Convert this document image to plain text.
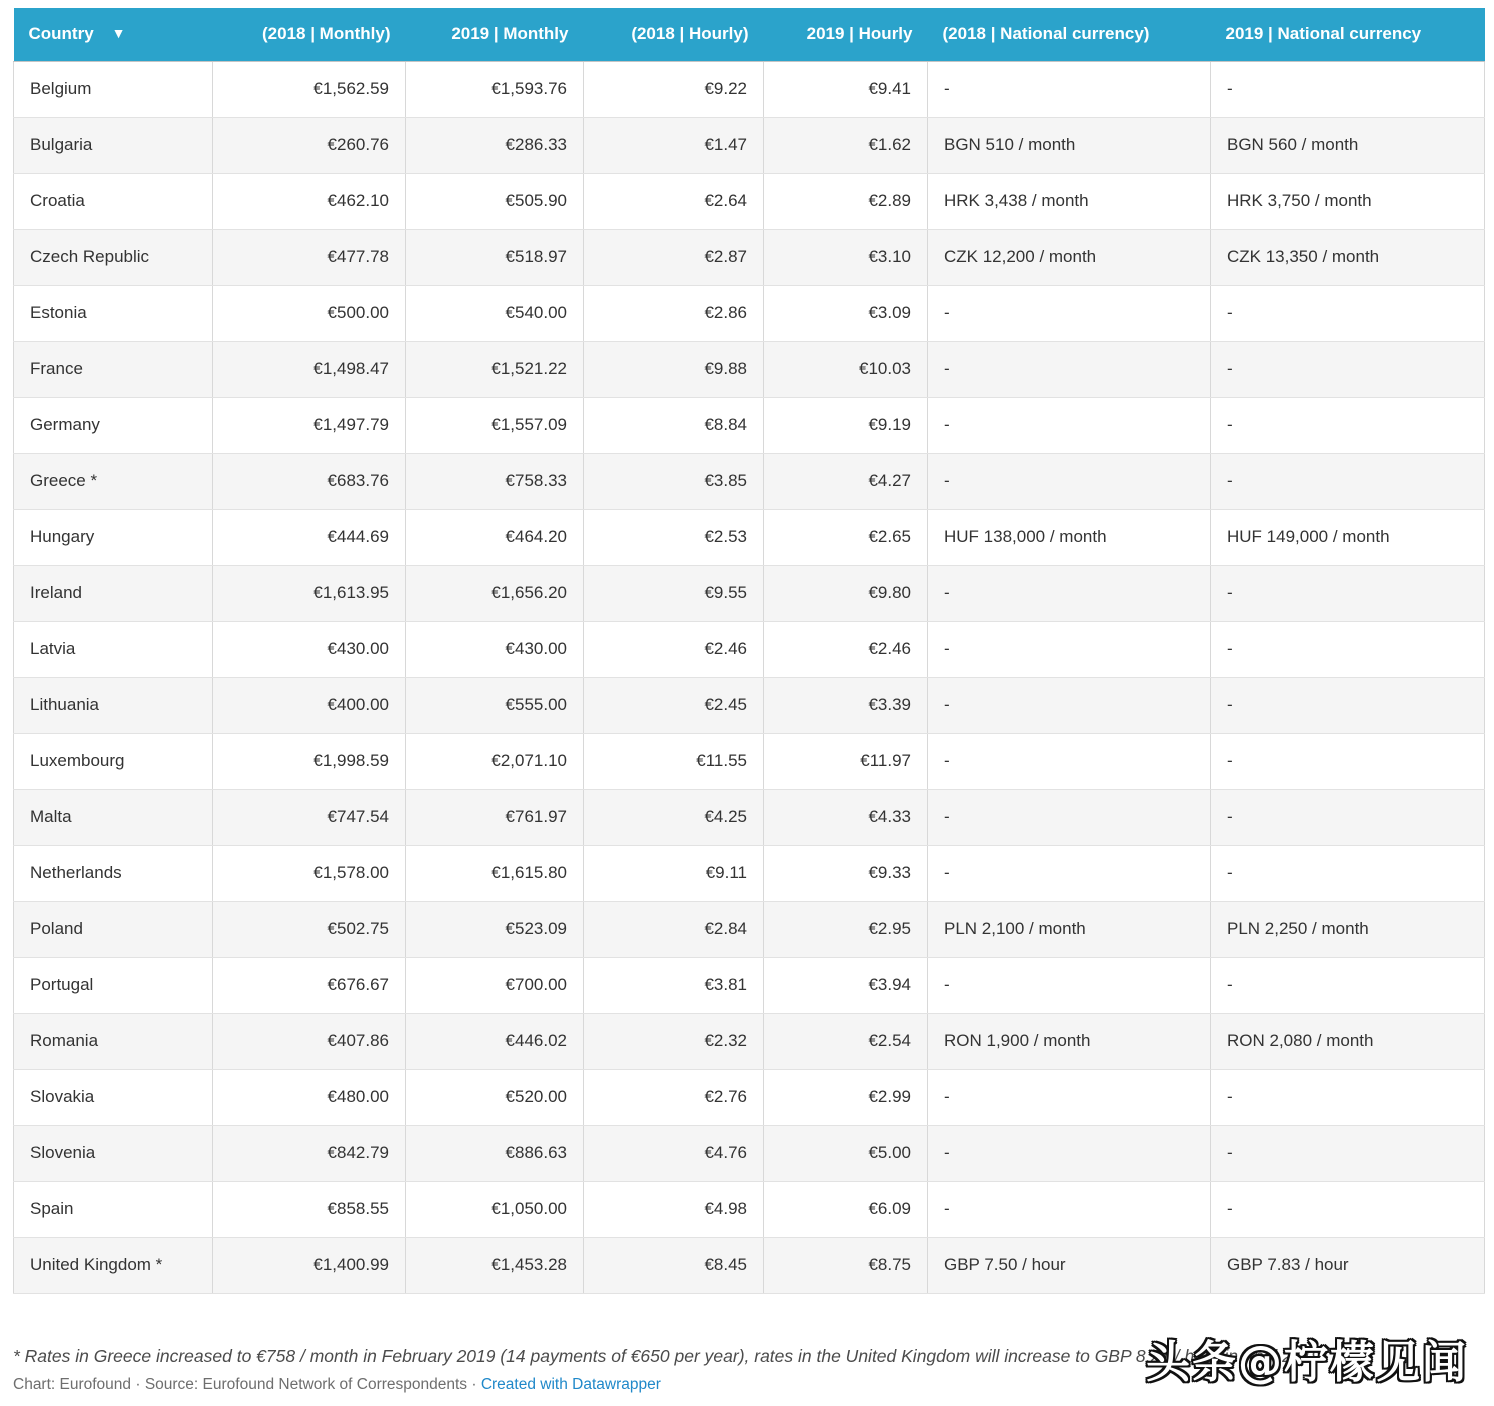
Country ▼	(2018 | Monthly)	2019 | Monthly	(2018 | Hourly)	2019 | Hourly	(2018 | National currency)	2019 | National currency
Belgium	€1,562.59	€1,593.76	€9.22	€9.41	-	-
Bulgaria	€260.76	€286.33	€1.47	€1.62	BGN 510 / month	BGN 560 / month
Croatia	€462.10	€505.90	€2.64	€2.89	HRK 3,438 / month	HRK 3,750 / month
Czech Republic	€477.78	€518.97	€2.87	€3.10	CZK 12,200 / month	CZK 13,350 / month
Estonia	€500.00	€540.00	€2.86	€3.09	-	-
France	€1,498.47	€1,521.22	€9.88	€10.03	-	-
Germany	€1,497.79	€1,557.09	€8.84	€9.19	-	-
Greece *	€683.76	€758.33	€3.85	€4.27	-	-
Hungary	€444.69	€464.20	€2.53	€2.65	HUF 138,000 / month	HUF 149,000 / month
Ireland	€1,613.95	€1,656.20	€9.55	€9.80	-	-
Latvia	€430.00	€430.00	€2.46	€2.46	-	-
Lithuania	€400.00	€555.00	€2.45	€3.39	-	-
Luxembourg	€1,998.59	€2,071.10	€11.55	€11.97	-	-
Malta	€747.54	€761.97	€4.25	€4.33	-	-
Netherlands	€1,578.00	€1,615.80	€9.11	€9.33	-	-
Poland	€502.75	€523.09	€2.84	€2.95	PLN 2,100 / month	PLN 2,250 / month
Portugal	€676.67	€700.00	€3.81	€3.94	-	-
Romania	€407.86	€446.02	€2.32	€2.54	RON 1,900 / month	RON 2,080 / month
Slovakia	€480.00	€520.00	€2.76	€2.99	-	-
Slovenia	€842.79	€886.63	€4.76	€5.00	-	-
Spain	€858.55	€1,050.00	€4.98	€6.09	-	-
United Kingdom *	€1,400.99	€1,453.28	€8.45	€8.75	GBP 7.50 / hour	GBP 7.83 / hour
* Rates in Greece increased to €758 / month in February 2019 (14 payments of €650 per year), rates in the United Kingdom will increase to GBP 8.21 / hour in April 2019
Chart: Eurofound · Source: Eurofound Network of Correspondents · Created with Datawrapper	头条@柠檬见闻
